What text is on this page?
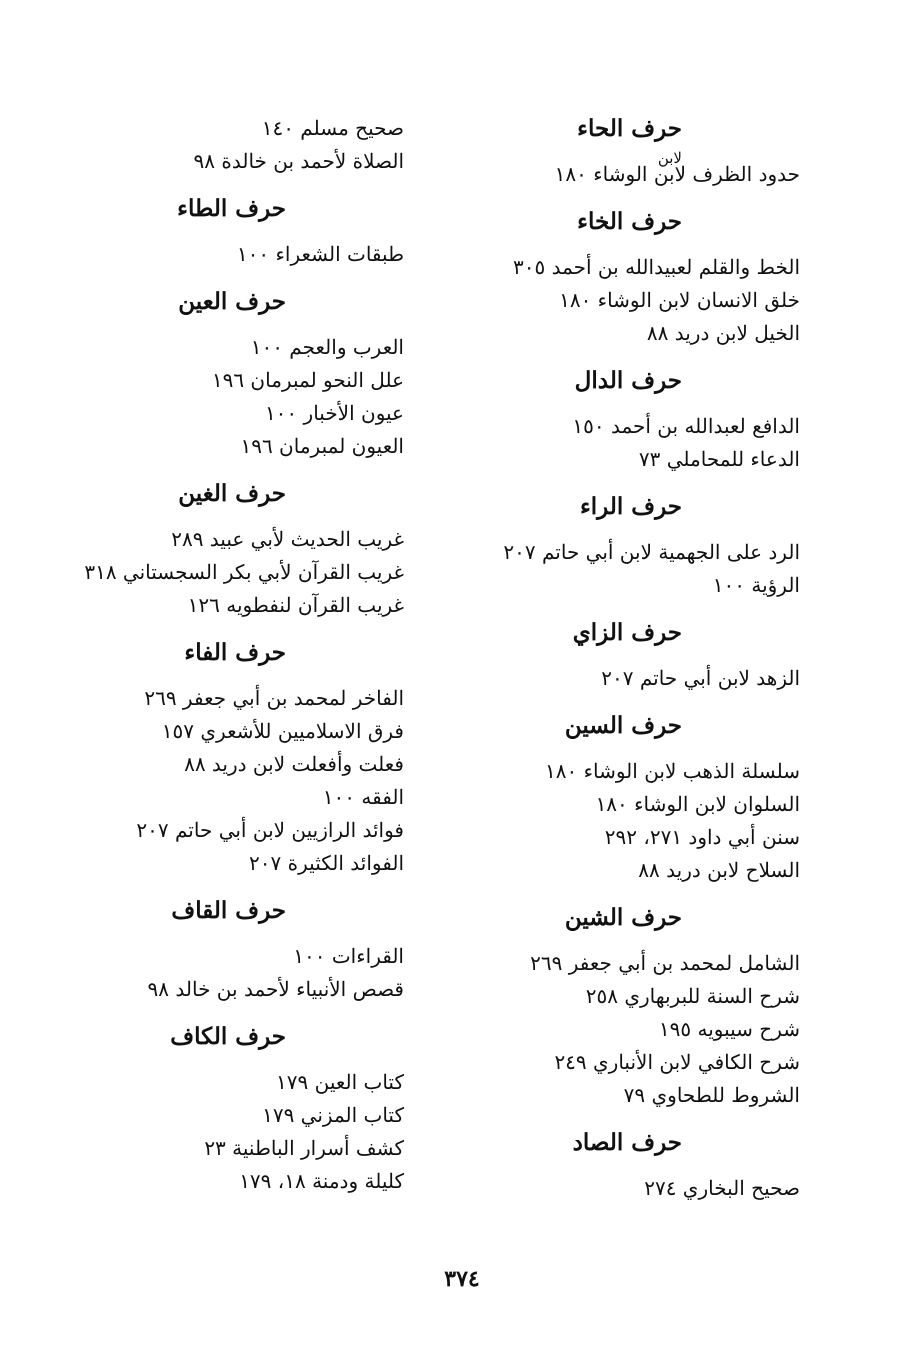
حرف الحاء
حدود الظرف لابن الوشاء ١٨٠
لابن
حرف الخاء
الخط والقلم لعبيدالله بن أحمد ٣٠٥
خلق الانسان لابن الوشاء ١٨٠
الخيل لابن دريد ٨٨
حرف الدال
الدافع لعبدالله بن أحمد ١٥٠
الدعاء للمحاملي ٧٣
حرف الراء
الرد على الجهمية لابن أبي حاتم ٢٠٧
الرؤية ١٠٠
حرف الزاي
الزهد لابن أبي حاتم ٢٠٧
حرف السين
سلسلة الذهب لابن الوشاء ١٨٠
السلوان لابن الوشاء ١٨٠
سنن أبي داود ٢٧١، ٢٩٢
السلاح لابن دريد ٨٨
حرف الشين
الشامل لمحمد بن أبي جعفر ٢٦٩
شرح السنة للبربهاري ٢٥٨
شرح سيبويه ١٩٥
شرح الكافي لابن الأنباري ٢٤٩
الشروط للطحاوي ٧٩
حرف الصاد
صحيح البخاري ٢٧٤
صحيح مسلم ١٤٠
الصلاة لأحمد بن خالدة ٩٨
حرف الطاء
طبقات الشعراء ١٠٠
حرف العين
العرب والعجم ١٠٠
علل النحو لمبرمان ١٩٦
عيون الأخبار ١٠٠
العيون لمبرمان ١٩٦
حرف الغين
غريب الحديث لأبي عبيد ٢٨٩
غريب القرآن لأبي بكر السجستاني ٣١٨
غريب القرآن لنفطويه ١٢٦
حرف الفاء
الفاخر لمحمد بن أبي جعفر ٢٦٩
فرق الاسلاميين للأشعري ١٥٧
فعلت وأفعلت لابن دريد ٨٨
الفقه ١٠٠
فوائد الرازيين لابن أبي حاتم ٢٠٧
الفوائد الكثيرة ٢٠٧
حرف القاف
القراءات ١٠٠
قصص الأنبياء لأحمد بن خالد ٩٨
حرف الكاف
كتاب العين ١٧٩
كتاب المزني ١٧٩
كشف أسرار الباطنية ٢٣
كليلة ودمنة ١٨، ١٧٩
٣٧٤
